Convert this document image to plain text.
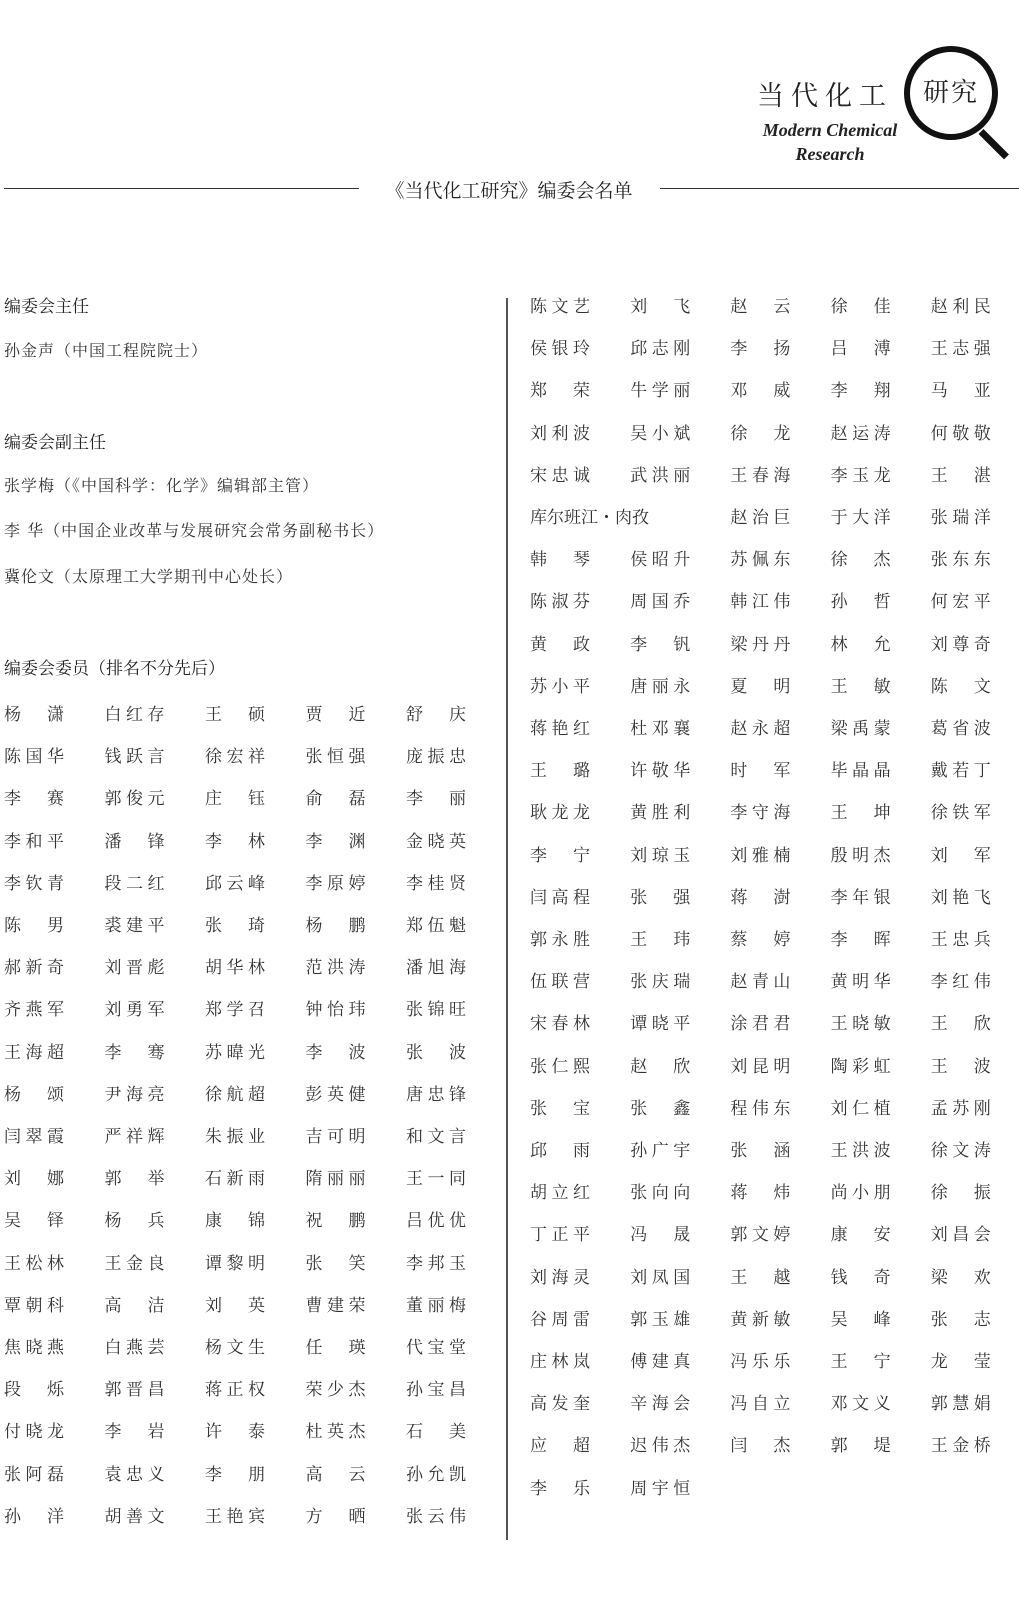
当代化工	研究
Modern Chemical
Research
《当代化工研究》编委会名单
编委会主任
孙金声（中国工程院院士）
编委会副主任
张学梅（《中国科学：化学》编辑部主管）
李 华（中国企业改革与发展研究会常务副秘书长）
冀伦文（太原理工大学期刊中心处长）
编委会委员（排名不分先后）
杨 潇 白 红 存 王 硕 贾 近 舒 庆
陈 国 华 钱 跃 言 徐 宏 祥 张 恒 强 庞 振 忠
李 赛 郭 俊 元 庄 钰 俞 磊 李 丽
李 和 平 潘 锋 李 林 李 渊 金 晓 英
李 钦 青 段 二 红 邱 云 峰 李 原 婷 李 桂 贤
陈 男 裘 建 平 张 琦 杨 鹏 郑 伍 魁
郝 新 奇 刘 晋 彪 胡 华 林 范 洪 涛 潘 旭 海
齐 燕 军 刘 勇 军 郑 学 召 钟 怡 玮 张 锦 旺
王 海 超 李 骞 苏 暐 光 李 波 张 波
杨 颂 尹 海 亮 徐 航 超 彭 英 健 唐 忠 锋
闫 翠 霞 严 祥 辉 朱 振 业 吉 可 明 和 文 言
刘 娜 郭 举 石 新 雨 隋 丽 丽 王 一 同
吴 铎 杨 兵 康 锦 祝 鹏 吕 优 优
王 松 林 王 金 良 谭 黎 明 张 笑 李 邦 玉
覃 朝 科 高 洁 刘 英 曹 建 荣 董 丽 梅
焦 晓 燕 白 燕 芸 杨 文 生 任 瑛 代 宝 堂
段 烁 郭 晋 昌 蒋 正 权 荣 少 杰 孙 宝 昌
付 晓 龙 李 岩 许 泰 杜 英 杰 石 美
张 阿 磊 袁 忠 义 李 朋 高 云 孙 允 凯
孙 洋 胡 善 文 王 艳 宾 方 晒 张 云 伟
陈 文 艺 刘 飞 赵 云 徐 佳 赵 利 民
侯 银 玲 邱 志 刚 李 扬 吕 溥 王 志 强
郑 荣 牛 学 丽 邓 威 李 翔 马 亚
刘 利 波 吴 小 斌 徐 龙 赵 运 涛 何 敬 敬
宋 忠 诚 武 洪 丽 王 春 海 李 玉 龙 王 湛
库尔班江・肉孜	赵 治 巨 于 大 洋 张 瑞 洋
韩 琴 侯 昭 升 苏 佩 东 徐 杰 张 东 东
陈 淑 芬 周 国 乔 韩 江 伟 孙 哲 何 宏 平
黄 政 李 钒 梁 丹 丹 林 允 刘 尊 奇
苏 小 平 唐 丽 永 夏 明 王 敏 陈 文
蒋 艳 红 杜 邓 襄 赵 永 超 梁 禹 蒙 葛 省 波
王 璐 许 敬 华 时 军 毕 晶 晶 戴 若 丁
耿 龙 龙 黄 胜 利 李 守 海 王 坤 徐 铁 军
李 宁 刘 琼 玉 刘 雅 楠 殷 明 杰 刘 军
闫 高 程 张 强 蒋 澍 李 年 银 刘 艳 飞
郭 永 胜 王 玮 蔡 婷 李 晖 王 忠 兵
伍 联 营 张 庆 瑞 赵 青 山 黄 明 华 李 红 伟
宋 春 林 谭 晓 平 涂 君 君 王 晓 敏 王 欣
张 仁 熙 赵 欣 刘 昆 明 陶 彩 虹 王 波
张 宝 张 鑫 程 伟 东 刘 仁 植 孟 苏 刚
邱 雨 孙 广 宇 张 涵 王 洪 波 徐 文 涛
胡 立 红 张 向 向 蒋 炜 尚 小 朋 徐 振
丁 正 平 冯 晟 郭 文 婷 康 安 刘 昌 会
刘 海 灵 刘 凤 国 王 越 钱 奇 梁 欢
谷 周 雷 郭 玉 雄 黄 新 敏 吴 峰 张 志
庄 林 岚 傅 建 真 冯 乐 乐 王 宁 龙 莹
高 发 奎 辛 海 会 冯 自 立 邓 文 义 郭 慧 娟
应 超 迟 伟 杰 闫 杰 郭 堤 王 金 桥
李 乐 周 宇 恒
